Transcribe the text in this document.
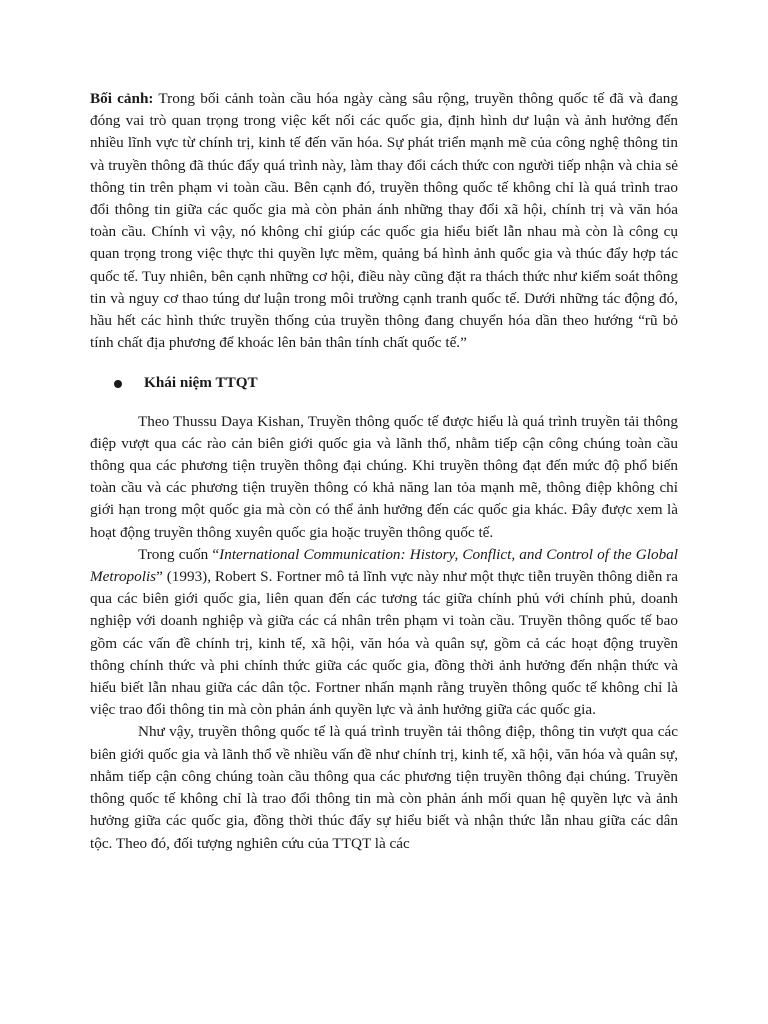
Bối cảnh: Trong bối cảnh toàn cầu hóa ngày càng sâu rộng, truyền thông quốc tế đã và đang đóng vai trò quan trọng trong việc kết nối các quốc gia, định hình dư luận và ảnh hưởng đến nhiều lĩnh vực từ chính trị, kinh tế đến văn hóa. Sự phát triển mạnh mẽ của công nghệ thông tin và truyền thông đã thúc đẩy quá trình này, làm thay đổi cách thức con người tiếp nhận và chia sẻ thông tin trên phạm vi toàn cầu. Bên cạnh đó, truyền thông quốc tế không chỉ là quá trình trao đổi thông tin giữa các quốc gia mà còn phản ánh những thay đổi xã hội, chính trị và văn hóa toàn cầu. Chính vì vậy, nó không chỉ giúp các quốc gia hiểu biết lẫn nhau mà còn là công cụ quan trọng trong việc thực thi quyền lực mềm, quảng bá hình ảnh quốc gia và thúc đẩy hợp tác quốc tế. Tuy nhiên, bên cạnh những cơ hội, điều này cũng đặt ra thách thức như kiểm soát thông tin và nguy cơ thao túng dư luận trong môi trường cạnh tranh quốc tế. Dưới những tác động đó, hầu hết các hình thức truyền thống của truyền thông đang chuyển hóa dần theo hướng “rũ bỏ tính chất địa phương để khoác lên bản thân tính chất quốc tế.”

Khái niệm TTQT

Theo Thussu Daya Kishan, Truyền thông quốc tế được hiểu là quá trình truyền tải thông điệp vượt qua các rào cản biên giới quốc gia và lãnh thổ, nhằm tiếp cận công chúng toàn cầu thông qua các phương tiện truyền thông đại chúng. Khi truyền thông đạt đến mức độ phổ biến toàn cầu và các phương tiện truyền thông có khả năng lan tỏa mạnh mẽ, thông điệp không chỉ giới hạn trong một quốc gia mà còn có thể ảnh hưởng đến các quốc gia khác. Đây được xem là hoạt động truyền thông xuyên quốc gia hoặc truyền thông quốc tế.

Trong cuốn “International Communication: History, Conflict, and Control of the Global Metropolis” (1993), Robert S. Fortner mô tả lĩnh vực này như một thực tiễn truyền thông diễn ra qua các biên giới quốc gia, liên quan đến các tương tác giữa chính phủ với chính phủ, doanh nghiệp với doanh nghiệp và giữa các cá nhân trên phạm vi toàn cầu. Truyền thông quốc tế bao gồm các vấn đề chính trị, kinh tế, xã hội, văn hóa và quân sự, gồm cả các hoạt động truyền thông chính thức và phi chính thức giữa các quốc gia, đồng thời ảnh hưởng đến nhận thức và hiểu biết lẫn nhau giữa các dân tộc. Fortner nhấn mạnh rằng truyền thông quốc tế không chỉ là việc trao đổi thông tin mà còn phản ánh quyền lực và ảnh hưởng giữa các quốc gia.

Như vậy, truyền thông quốc tế là quá trình truyền tải thông điệp, thông tin vượt qua các biên giới quốc gia và lãnh thổ về nhiều vấn đề như chính trị, kinh tế, xã hội, văn hóa và quân sự, nhằm tiếp cận công chúng toàn cầu thông qua các phương tiện truyền thông đại chúng. Truyền thông quốc tế không chỉ là trao đổi thông tin mà còn phản ánh mối quan hệ quyền lực và ảnh hưởng giữa các quốc gia, đồng thời thúc đẩy sự hiểu biết và nhận thức lẫn nhau giữa các dân tộc. Theo đó, đối tượng nghiên cứu của TTQT là các
